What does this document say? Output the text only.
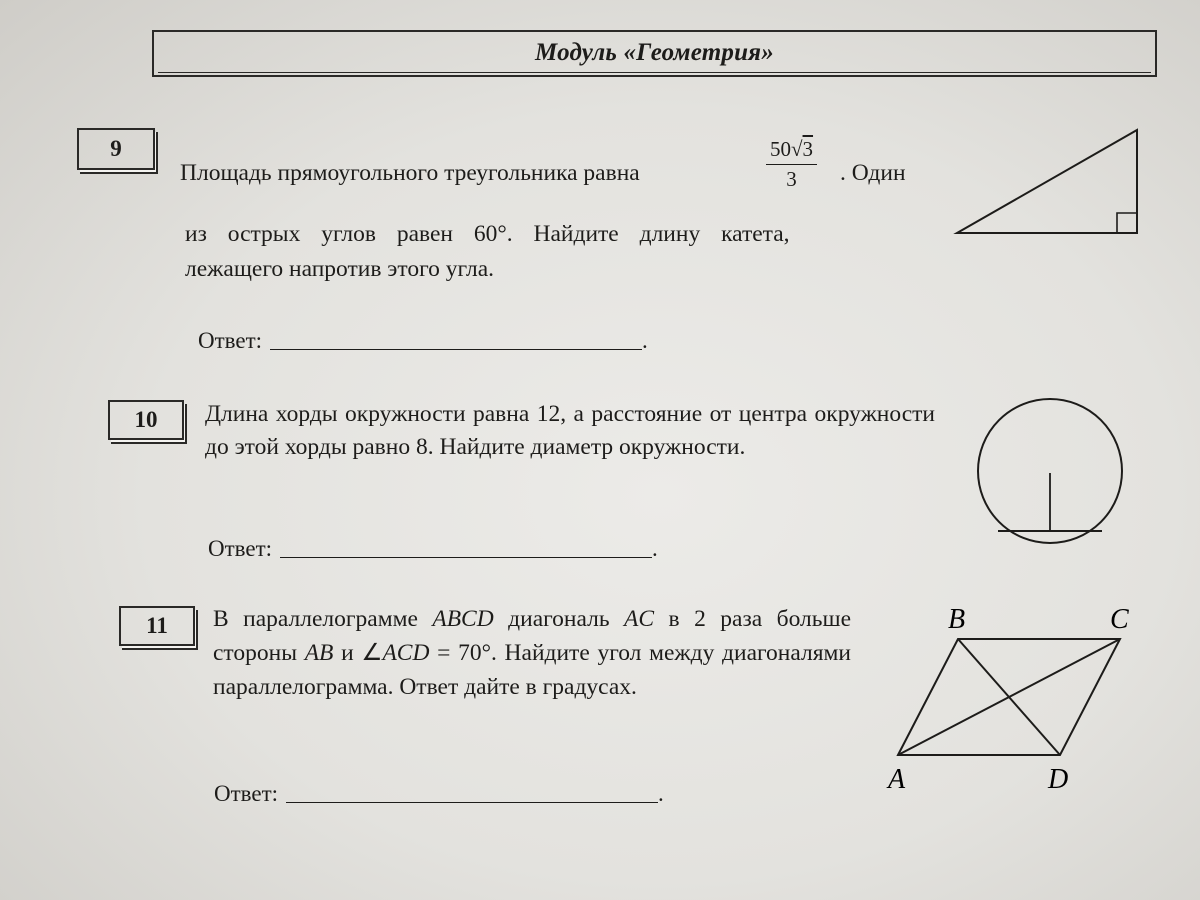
Модуль «Геометрия»
9
Площадь прямоугольного треугольника равна
50√3
3	. Один
из острых углов равен 60°. Найдите длину катета,
лежащего напротив этого угла.
Ответ:	.
10	Длина хорды окружности равна 12, а расстояние от центра окружности до этой хорды равно 8. Найдите диаметр окружности.
Ответ:	.
11	В параллелограмме ABCD диагональ AC в 2 раза больше стороны AB и ∠ACD = 70°. Найдите угол между диагоналями параллелограмма. Ответ дайте в градусах.
Ответ:	.
B	C
A	D
